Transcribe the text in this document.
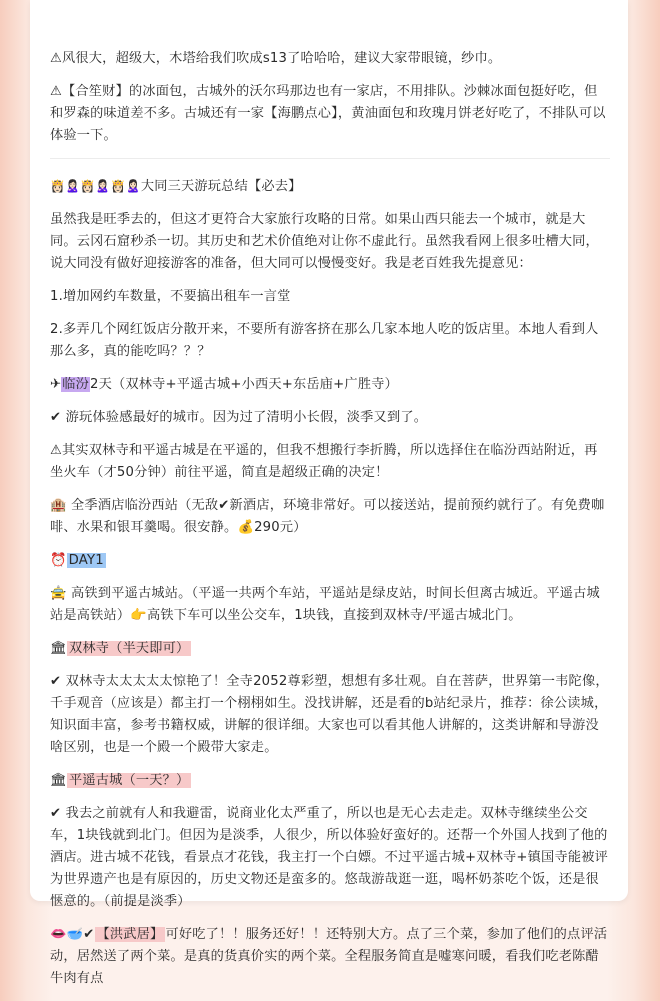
⚠风很大，超级大，木塔给我们吹成s13了哈哈哈，建议大家带眼镜，纱巾。

⚠【合笙财】的冰面包，古城外的沃尔玛那边也有一家店，不用排队。沙棘冰面包挺好吃，但和罗森的味道差不多。古城还有一家【海鹏点心】，黄油面包和玫瑰月饼老好吃了，不排队可以体验一下。

👸🏻🙎🏻‍♀️👸🏻🙎🏻‍♀️👸🏻🙎🏻‍♀️大同三天游玩总结【必去】

虽然我是旺季去的，但这才更符合大家旅行攻略的日常。如果山西只能去一个城市，就是大同。云冈石窟秒杀一切。其历史和艺术价值绝对让你不虚此行。虽然我看网上很多吐槽大同，说大同没有做好迎接游客的准备，但大同可以慢慢变好。我是老百姓我先提意见：

1.增加网约车数量，不要搞出租车一言堂

2.多弄几个网红饭店分散开来，不要所有游客挤在那么几家本地人吃的饭店里。本地人看到人那么多，真的能吃吗？？？

✈临汾2天（双林寺+平遥古城+小西天+东岳庙+广胜寺）

✔ 游玩体验感最好的城市。因为过了清明小长假，淡季又到了。

⚠其实双林寺和平遥古城是在平遥的，但我不想搬行李折腾，所以选择住在临汾西站附近，再坐火车（才50分钟）前往平遥，简直是超级正确的决定！

🏨 全季酒店临汾西站（无敌✔新酒店，环境非常好。可以接送站，提前预约就行了。有免费咖啡、水果和银耳羹喝。很安静。💰290元）

⏰ DAY1

🚖 高铁到平遥古城站。（平遥一共两个车站，平遥站是绿皮站，时间长但离古城近。平遥古城站是高铁站）👉高铁下车可以坐公交车，1块钱，直接到双林寺/平遥古城北门。

🏛 双林寺（半天即可）

✔ 双林寺太太太太太惊艳了！全寺2052尊彩塑，想想有多壮观。自在菩萨，世界第一韦陀像，千手观音（应该是）都主打一个栩栩如生。没找讲解，还是看的b站纪录片，推荐：徐公读城，知识面丰富，参考书籍权威，讲解的很详细。大家也可以看其他人讲解的，这类讲解和导游没啥区别，也是一个殿一个殿带大家走。

🏛 平遥古城（一天？）

✔ 我去之前就有人和我避雷，说商业化太严重了，所以也是无心去走走。双林寺继续坐公交车，1块钱就到北门。但因为是淡季，人很少，所以体验好蛮好的。还帮一个外国人找到了他的酒店。进古城不花钱，看景点才花钱，我主打一个白嫖。不过平遥古城+双林寺+镇国寺能被评为世界遗产也是有原因的，历史文物还是蛮多的。悠哉游哉逛一逛，喝杯奶茶吃个饭，还是很惬意的。（前提是淡季）

👄🥣✔ 【洪武居】 可好吃了！！服务还好！！还特别大方。点了三个菜，参加了他们的点评活动，居然送了两个菜。是真的货真价实的两个菜。全程服务简直是嘘寒问暖，看我们吃老陈醋牛肉有点
